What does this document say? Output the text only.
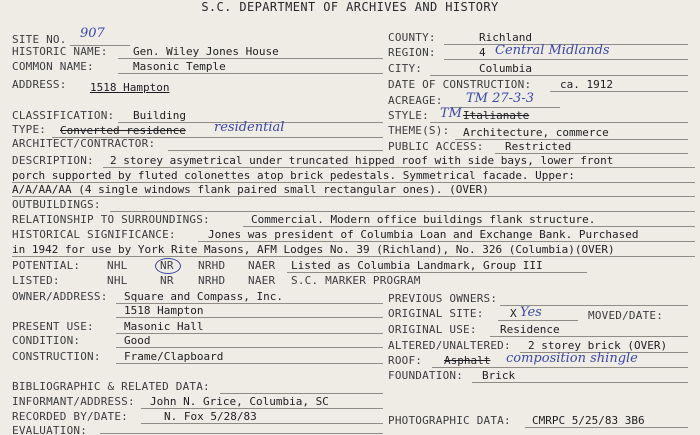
S.C. DEPARTMENT OF ARCHIVES AND HISTORY
SITE NO. 907
HISTORIC NAME: Gen. Wiley Jones House
COMMON NAME:	Masonic Temple
ADDRESS: 1518 Hampton
CLASSIFICATION: Building
TYPE: Converted residence residential
ARCHITECT/CONTRACTOR:
COUNTY:	Richland
REGION:	4 Central Midlands
CITY:	Columbia
DATE OF CONSTRUCTION:	ca. 1912
ACREAGE: TM 27-3-3
STYLE: TM Italianate
THEME(S): Architecture, commerce
PUBLIC ACCESS: Restricted
DESCRIPTION: 2 storey asymetrical under truncated hipped roof with side bays, lower front
porch supported by fluted colonettes atop brick pedestals. Symmetrical facade. Upper:
A/A/AA/AA (4 single windows flank paired small rectangular ones). (OVER)
OUTBUILDINGS:
RELATIONSHIP TO SURROUNDINGS:	Commercial. Modern office buildings flank structure.
HISTORICAL SIGNIFICANCE:	Jones was president of Columbia Loan and Exchange Bank. Purchased
in 1942 for use by York Rite Masons, AFM Lodges No. 39 (Richland), No. 326 (Columbia)(OVER)
POTENTIAL: NHL	NR NRHD NAER Listed as Columbia Landmark, Group III
LISTED:	NHL	NR NRHD NAER S.C. MARKER PROGRAM
OWNER/ADDRESS: Square and Compass, Inc.
1518 Hampton
PREVIOUS OWNERS:
ORIGINAL SITE: X Yes	MOVED/DATE:
ORIGINAL USE: Residence
PRESENT USE:	Masonic Hall
CONDITION:	Good
CONSTRUCTION: Frame/Clapboard
ALTERED/UNALTERED: 2 storey brick (OVER)
ROOF: Asphalt composition shingle
FOUNDATION: Brick
BIBLIOGRAPHIC & RELATED DATA:
INFORMANT/ADDRESS: John N. Grice, Columbia, SC
RECORDED BY/DATE:	N. Fox 5/28/83	PHOTOGRAPHIC DATA: CMRPC 5/25/83 3B6
EVALUATION:
